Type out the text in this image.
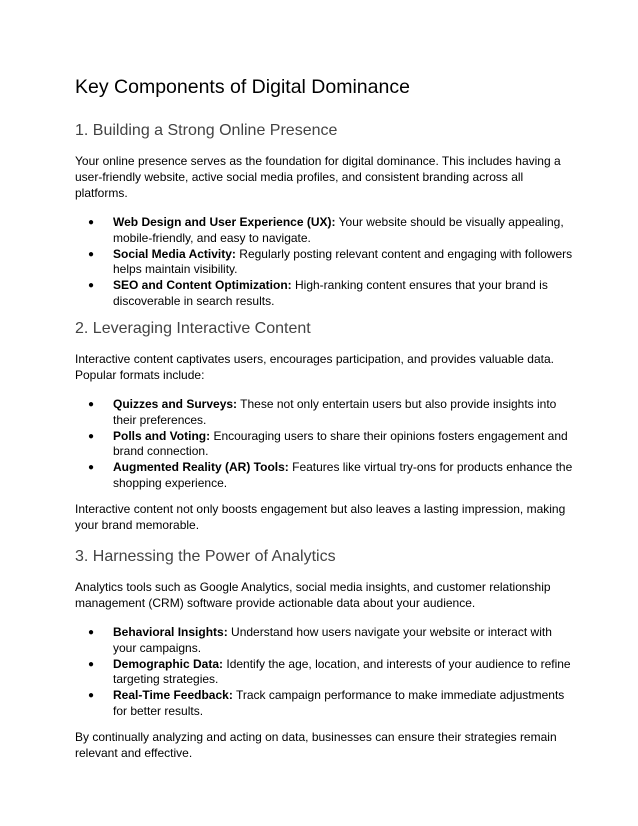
Key Components of Digital Dominance
1. Building a Strong Online Presence

Your online presence serves as the foundation for digital dominance. This includes having a user-friendly website, active social media profiles, and consistent branding across all platforms.

● Web Design and User Experience (UX): Your website should be visually appealing, mobile-friendly, and easy to navigate.
● Social Media Activity: Regularly posting relevant content and engaging with followers helps maintain visibility.
● SEO and Content Optimization: High-ranking content ensures that your brand is discoverable in search results.
2. Leveraging Interactive Content

Interactive content captivates users, encourages participation, and provides valuable data. Popular formats include:

● Quizzes and Surveys: These not only entertain users but also provide insights into their preferences.
● Polls and Voting: Encouraging users to share their opinions fosters engagement and brand connection.
● Augmented Reality (AR) Tools: Features like virtual try-ons for products enhance the shopping experience.

Interactive content not only boosts engagement but also leaves a lasting impression, making your brand memorable.

3. Harnessing the Power of Analytics

Analytics tools such as Google Analytics, social media insights, and customer relationship management (CRM) software provide actionable data about your audience.

● Behavioral Insights: Understand how users navigate your website or interact with your campaigns.
● Demographic Data: Identify the age, location, and interests of your audience to refine targeting strategies.
● Real-Time Feedback: Track campaign performance to make immediate adjustments for better results.

By continually analyzing and acting on data, businesses can ensure their strategies remain relevant and effective.
